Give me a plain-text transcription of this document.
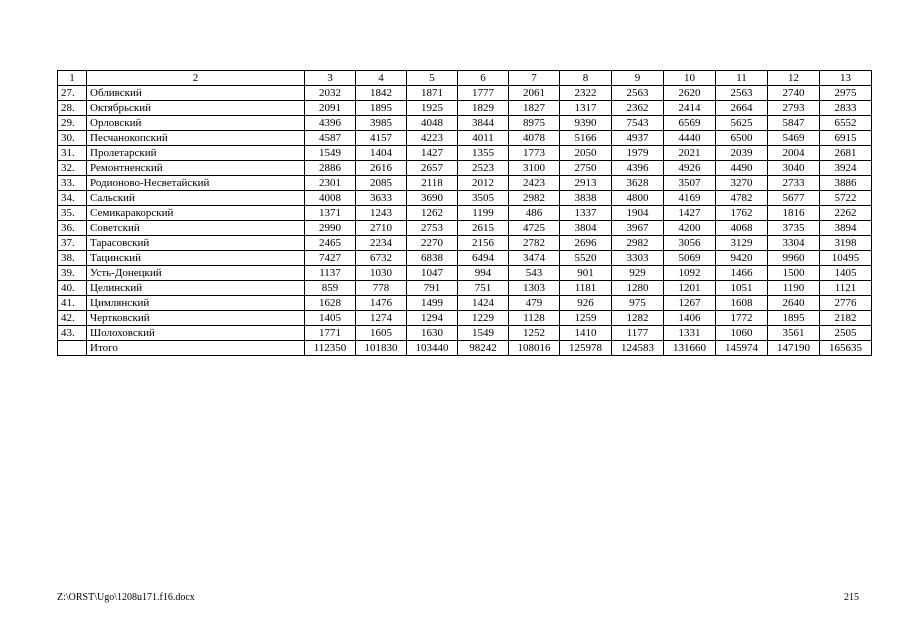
1	2	3	4	5	6	7	8	9	10	11	12	13
27.	Обливский	2032	1842	1871	1777	2061	2322	2563	2620	2563	2740	2975
28.	Октябрьский	2091	1895	1925	1829	1827	1317	2362	2414	2664	2793	2833
29.	Орловский	4396	3985	4048	3844	8975	9390	7543	6569	5625	5847	6552
30.	Песчанокопский	4587	4157	4223	4011	4078	5166	4937	4440	6500	5469	6915
31.	Пролетарский	1549	1404	1427	1355	1773	2050	1979	2021	2039	2004	2681
32.	Ремонтненский	2886	2616	2657	2523	3100	2750	4396	4926	4490	3040	3924
33.	Родионово-Несветайский	2301	2085	2118	2012	2423	2913	3628	3507	3270	2733	3886
34.	Сальский	4008	3633	3690	3505	2982	3838	4800	4169	4782	5677	5722
35.	Семикаракорский	1371	1243	1262	1199	486	1337	1904	1427	1762	1816	2262
36.	Советский	2990	2710	2753	2615	4725	3804	3967	4200	4068	3735	3894
37.	Тарасовский	2465	2234	2270	2156	2782	2696	2982	3056	3129	3304	3198
38.	Тацинский	7427	6732	6838	6494	3474	5520	3303	5069	9420	9960	10495
39.	Усть-Донецкий	1137	1030	1047	994	543	901	929	1092	1466	1500	1405
40.	Целинский	859	778	791	751	1303	1181	1280	1201	1051	1190	1121
41.	Цимлянский	1628	1476	1499	1424	479	926	975	1267	1608	2640	2776
42.	Чертковский	1405	1274	1294	1229	1128	1259	1282	1406	1772	1895	2182
43.	Шолоховский	1771	1605	1630	1549	1252	1410	1177	1331	1060	3561	2505
	Итого	112350	101830	103440	98242	108016	125978	124583	131660	145974	147190	165635
Z:\ORST\Ugo\1208u171.f16.docx	215
